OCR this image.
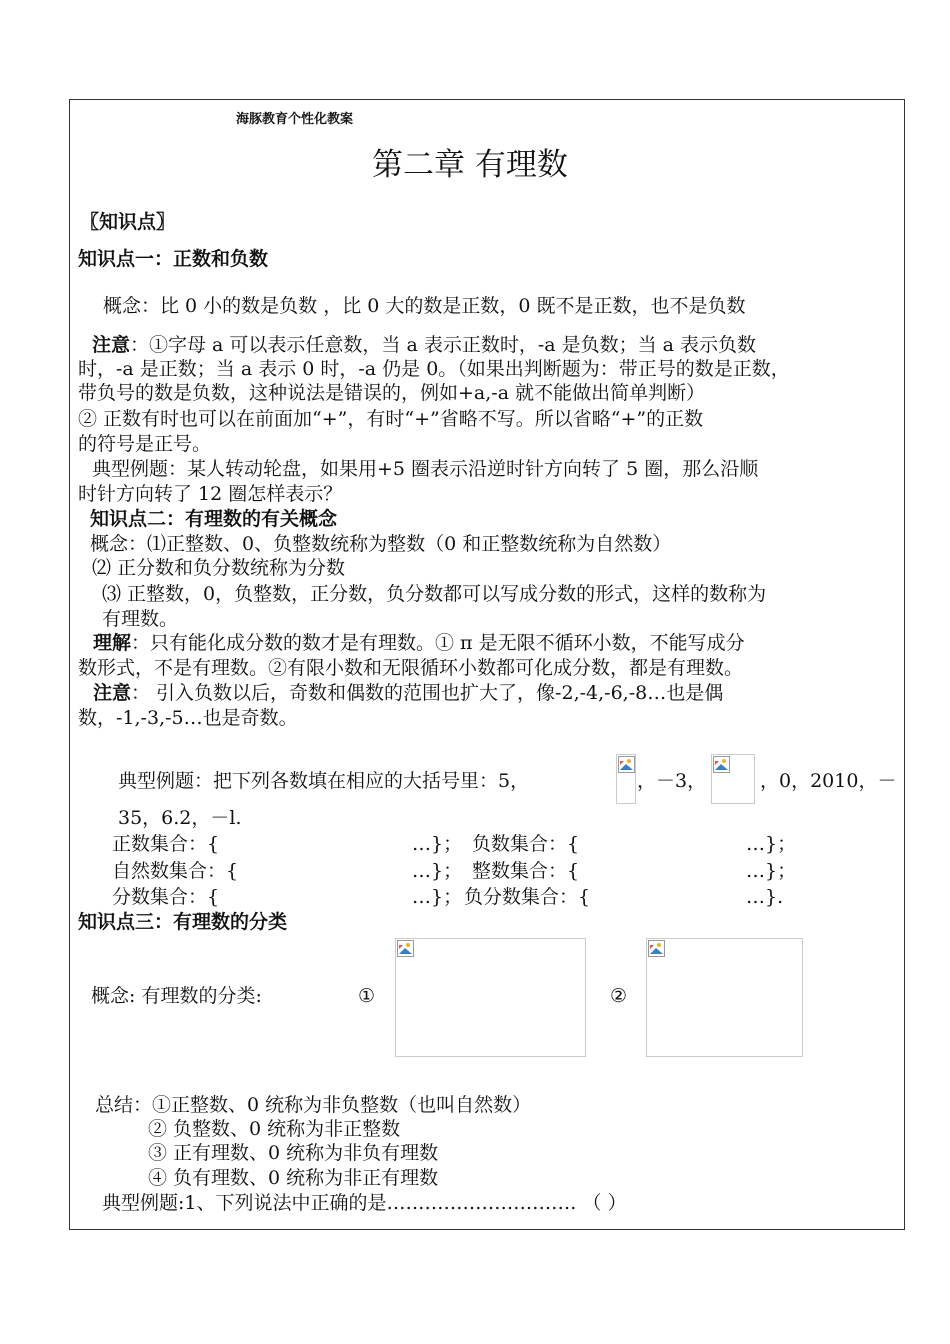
海豚教育个性化教案
第二章 有理数
〖知识点〗
知识点一：正数和负数
概念：比 0 小的数是负数 ，比 0 大的数是正数，0 既不是正数，也不是负数
注意：①字母 a 可以表示任意数，当 a 表示正数时，-a 是负数；当 a 表示负数
时，-a 是正数；当 a 表示 0 时，-a 仍是 0。（如果出判断题为：带正号的数是正数，
带负号的数是负数，这种说法是错误的，例如+a,-a 就不能做出简单判断）
② 正数有时也可以在前面加“+”，有时“+”省略不写。所以省略“+”的正数
的符号是正号。
典型例题：某人转动轮盘，如果用+5 圈表示沿逆时针方向转了 5 圈，那么沿顺
时针方向转了 12 圈怎样表示？
知识点二：有理数的有关概念
概念：⑴正整数、0、负整数统称为整数（0 和正整数统称为自然数）
⑵ 正分数和负分数统称为分数
⑶ 正整数，0，负整数，正分数，负分数都可以写成分数的形式，这样的数称为
有理数。
理解：只有能化成分数的数才是有理数。① π 是无限不循环小数，不能写成分
数形式，不是有理数。②有限小数和无限循环小数都可化成分数，都是有理数。
注意： 引入负数以后，奇数和偶数的范围也扩大了，像-2,-4,-6,-8…也是偶
数，-1,-3,-5…也是奇数。
典型例题：把下列各数填在相应的大括号里：5，	，－3，	，0，2010，－
35，6.2，－l.
正数集合：{	…}； 负数集合：{	…}；
自然数集合：{	…}； 整数集合：{	…}；
分数集合：{	…}； 负分数集合：{	…}.
知识点三：有理数的分类
概念: 有理数的分类:	①	②
总结：①正整数、0 统称为非负整数（也叫自然数）
② 负整数、0 统称为非正整数
③ 正有理数、0 统称为非负有理数
④ 负有理数、0 统称为非正有理数
典型例题:1、下列说法中正确的是………………………… （ ）
